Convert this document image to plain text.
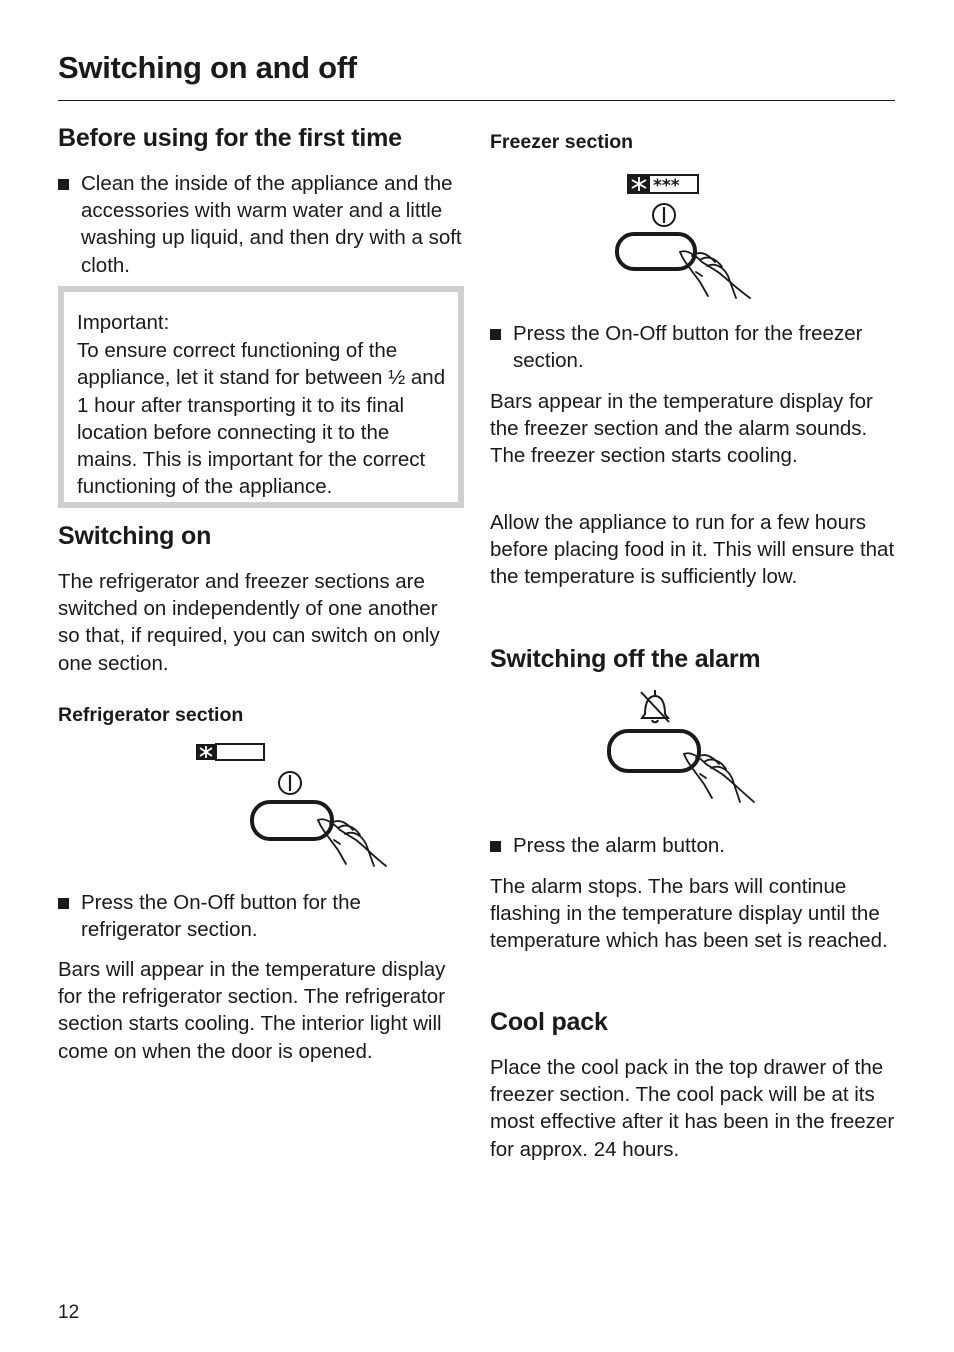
Switching on and off
Before using for the first time
Clean the inside of the appliance and the accessories with warm water and a little washing up liquid, and then dry with a soft cloth.
Important:
To ensure correct functioning of the appliance, let it stand for between ½ and 1 hour after transporting it to its final location before connecting it to the mains. This is important for the correct functioning of the appliance.
Switching on

The refrigerator and freezer sections are switched on independently of one another so that, if required, you can switch on only one section.

Refrigerator section
Press the On-Off button for the refrigerator section.

Bars will appear in the temperature display for the refrigerator section. The refrigerator section starts cooling. The interior light will come on when the door is opened.

Freezer section
***
Press the On-Off button for the freezer section.

Bars appear in the temperature display for the freezer section and the alarm sounds. The freezer section starts cooling.

Allow the appliance to run for a few hours before placing food in it. This will ensure that the temperature is sufficiently low.

Switching off the alarm
Press the alarm button.

The alarm stops. The bars will continue flashing in the temperature display until the temperature which has been set is reached.

Cool pack

Place the cool pack in the top drawer of the freezer section. The cool pack will be at its most effective after it has been in the freezer for approx. 24 hours.

12
